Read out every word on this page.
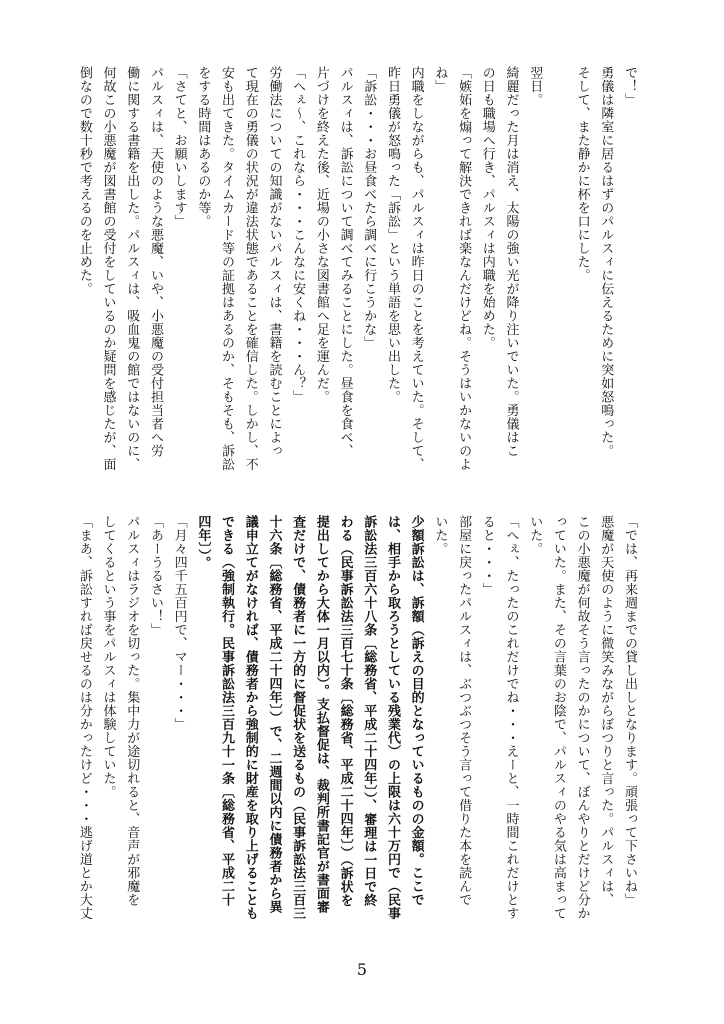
で！」
勇儀は隣室に居るはずのパルスィに伝えるために突如怒鳴った。
そして、また静かに杯を口にした。

翌日。
綺麗だった月は消え、太陽の強い光が降り注いでいた。勇儀はこ
の日も職場へ行き、パルスィは内職を始めた。
「嫉妬を煽って解決できれば楽なんだけどね。そうはいかないのよ
ね」
内職をしながらも、パルスィは昨日のことを考えていた。そして、
昨日勇儀が怒鳴った「訴訟」という単語を思い出した。
「訴訟・・・お昼食べたら調べに行こうかな」
パルスィは、訴訟について調べてみることにした。昼食を食べ、
片づけを終えた後、近場の小さな図書館へ足を運んだ。
「へぇ～、これなら・・・こんなに安くね・・・ん？」
労働法についての知識がないパルスィは、書籍を読むことによっ
て現在の勇儀の状況が違法状態であることを確信した。しかし、不
安も出てきた。タイムカード等の証拠はあるのか、そもそも、訴訟
をする時間はあるのか等。
「さてと、お願いします」
パルスィは、天使のような悪魔、いや、小悪魔の受付担当者へ労
働に関する書籍を出した。パルスィは、吸血鬼の館ではないのに、
何故この小悪魔が図書館の受付をしているのか疑問を感じたが、面
倒なので数十秒で考えるのを止めた。
「では、再来週までの貸し出しとなります。頑張って下さいね」
悪魔が天使のように微笑みながらぼつりと言った。パルスィは、
この小悪魔が何故そう言ったのかについて、ぼんやりとだけど分か
っていた。また、その言葉のお陰で、パルスィのやる気は高まって
いた。
「へぇ、たったのこれだけでね・・・えーと、一時間これだけとす
ると・・・」
部屋に戻ったパルスィは、ぶつぶつそう言って借りた本を読んで
いた。
少額訴訟は、訴額（訴えの目的となっているものの金額。ここで
は、相手から取ろうとしている残業代）の上限は六十万円で（民事
訴訟法三百六十八条〔総務省、平成二十四年〕）、審理は一日で終
わる（民事訴訟法三百七十条〔総務省、平成二十四年〕）（訴状を
提出してから大体一月以内）。支払督促は、裁判所書記官が書面審
査だけで、債務者に一方的に督促状を送るもの（民事訴訟法三百三
十六条〔総務省、平成二十四年〕）で、二週間以内に債務者から異
議申立てがなければ、債務者から強制的に財産を取り上げることも
できる（強制執行。民事訴訟法三百九十一条〔総務省、平成二十
四年〕）。
「月々四千五百円で、マー・・・」
「あーうるさい！」
パルスィはラジオを切った。集中力が途切れると、音声が邪魔を
してくるという事をパルスィは体験していた。
「まあ、訴訟すれば戻せるのは分かったけど・・・逃げ道とか大丈
5
